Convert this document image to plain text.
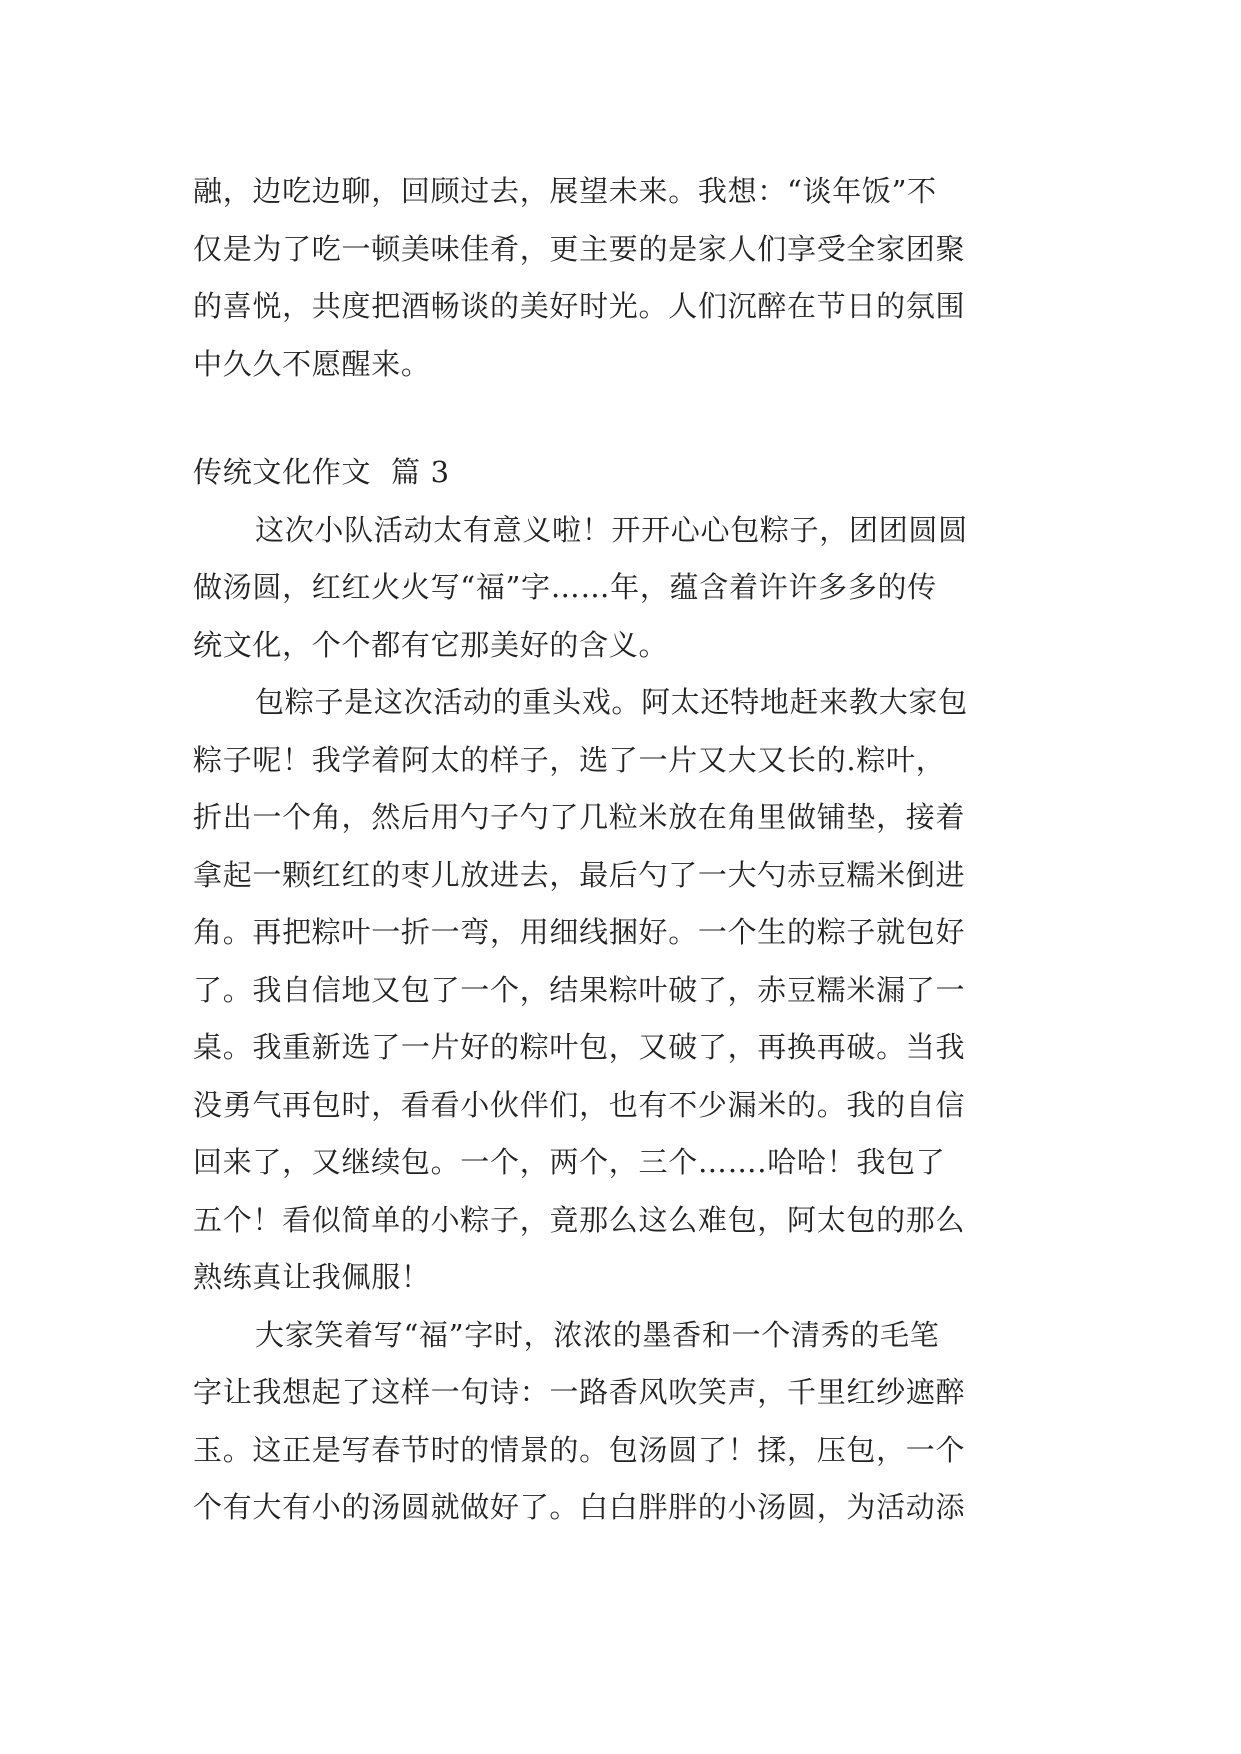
融，边吃边聊，回顾过去，展望未来。我想：“谈年饭”不
仅是为了吃一顿美味佳肴，更主要的是家人们享受全家团聚
的喜悦，共度把酒畅谈的美好时光。人们沉醉在节日的氛围
中久久不愿醒来。
传统文化作文  篇 3
这次小队活动太有意义啦！开开心心包粽子，团团圆圆
做汤圆，红红火火写“福”字……年，蕴含着许许多多的传
统文化，个个都有它那美好的含义。
包粽子是这次活动的重头戏。阿太还特地赶来教大家包
粽子呢！我学着阿太的样子，选了一片又大又长的.粽叶，
折出一个角，然后用勺子勺了几粒米放在角里做铺垫，接着
拿起一颗红红的枣儿放进去，最后勺了一大勺赤豆糯米倒进
角。再把粽叶一折一弯，用细线捆好。一个生的粽子就包好
了。我自信地又包了一个，结果粽叶破了，赤豆糯米漏了一
桌。我重新选了一片好的粽叶包，又破了，再换再破。当我
没勇气再包时，看看小伙伴们，也有不少漏米的。我的自信
回来了，又继续包。一个，两个，三个…….哈哈！我包了
五个！看似简单的小粽子，竟那么这么难包，阿太包的那么
熟练真让我佩服！
大家笑着写“福”字时，浓浓的墨香和一个清秀的毛笔
字让我想起了这样一句诗：一路香风吹笑声，千里红纱遮醉
玉。这正是写春节时的情景的。包汤圆了！揉，压包，一个
个有大有小的汤圆就做好了。白白胖胖的小汤圆，为活动添
